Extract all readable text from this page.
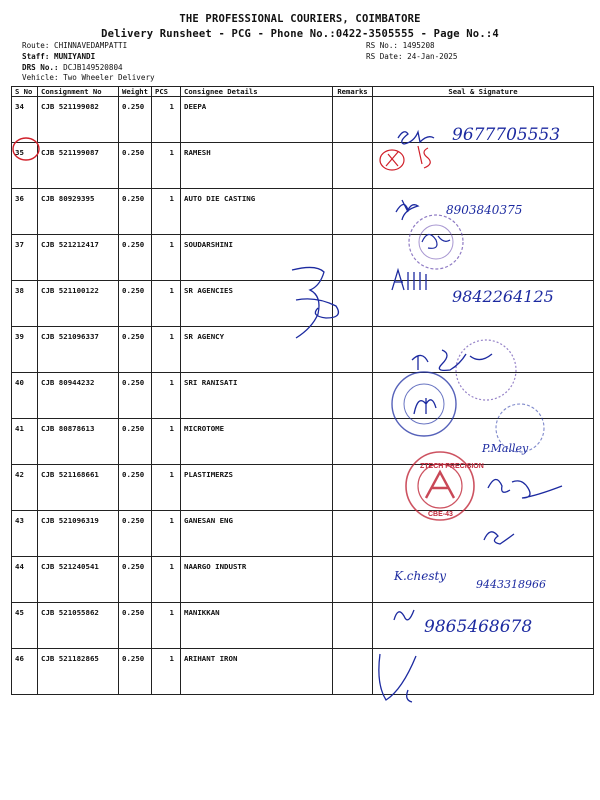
THE PROFESSIONAL COURIERS, COIMBATORE
Delivery Runsheet - PCG - Phone No.:0422-3505555 - Page No.:4
Route: CHINNAVEDAMPATTI
Staff: MUNIYANDI
DRS No.: DCJB149520804
Vehicle: Two Wheeler Delivery
RS No.: 1495208
RS Date: 24-Jan-2025
S No	Consignment No	Weight	PCS	Consignee Details	Remarks	Seal & Signature
34	CJB 521199082	0.250	1	DEEPA		
35	CJB 521199087	0.250	1	RAMESH		
36	CJB 80929395	0.250	1	AUTO DIE CASTING		
37	CJB 521212417	0.250	1	SOUDARSHINI		
38	CJB 521100122	0.250	1	SR AGENCIES		
39	CJB 521096337	0.250	1	SR AGENCY		
40	CJB 80944232	0.250	1	SRI RANISATI		
41	CJB 80878613	0.250	1	MICROTOME		
42	CJB 521168661	0.250	1	PLASTIMERZS		
43	CJB 521096319	0.250	1	GANESAN ENG		
44	CJB 521240541	0.250	1	NAARGO INDUSTR		
45	CJB 521055862	0.250	1	MANIKKAN		
46	CJB 521182865	0.250	1	ARIHANT IRON		
9677705553
8903840375
9842264125
P.Malley
ZTECH PRECISION
CBE-43
K.chesty
9443318966
9865468678
